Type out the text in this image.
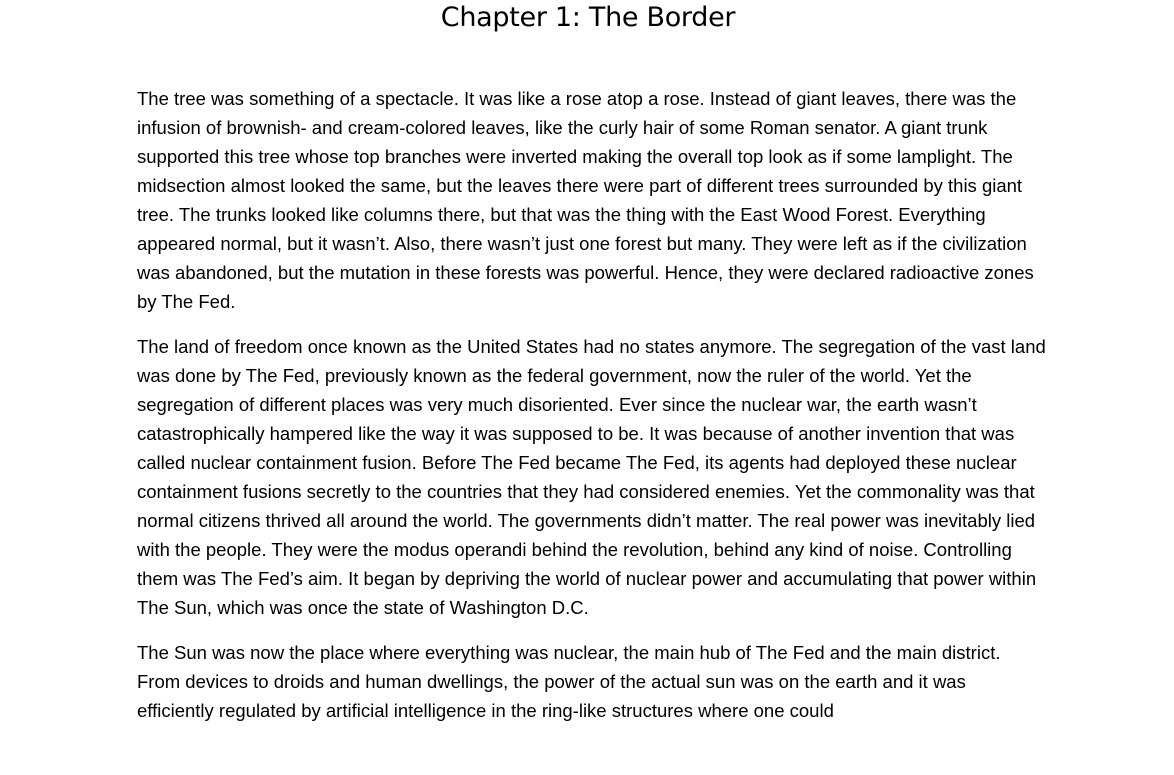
Chapter 1: The Border

The tree was something of a spectacle. It was like a rose atop a rose. Instead of giant leaves, there was the infusion of brownish- and cream-colored leaves, like the curly hair of some Roman senator. A giant trunk supported this tree whose top branches were inverted making the overall top look as if some lamplight. The midsection almost looked the same, but the leaves there were part of different trees surrounded by this giant tree. The trunks looked like columns there, but that was the thing with the East Wood Forest. Everything appeared normal, but it wasn’t. Also, there wasn’t just one forest but many. They were left as if the civilization was abandoned, but the mutation in these forests was powerful. Hence, they were declared radioactive zones by The Fed.

The land of freedom once known as the United States had no states anymore. The segregation of the vast land was done by The Fed, previously known as the federal government, now the ruler of the world. Yet the segregation of different places was very much disoriented. Ever since the nuclear war, the earth wasn’t catastrophically hampered like the way it was supposed to be. It was because of another invention that was called nuclear containment fusion. Before The Fed became The Fed, its agents had deployed these nuclear containment fusions secretly to the countries that they had considered enemies. Yet the commonality was that normal citizens thrived all around the world. The governments didn’t matter. The real power was inevitably lied with the people. They were the modus operandi behind the revolution, behind any kind of noise. Controlling them was The Fed’s aim. It began by depriving the world of nuclear power and accumulating that power within The Sun, which was once the state of Washington D.C.

The Sun was now the place where everything was nuclear, the main hub of The Fed and the main district. From devices to droids and human dwellings, the power of the actual sun was on the earth and it was efficiently regulated by artificial intelligence in the ring-like structures where one could
